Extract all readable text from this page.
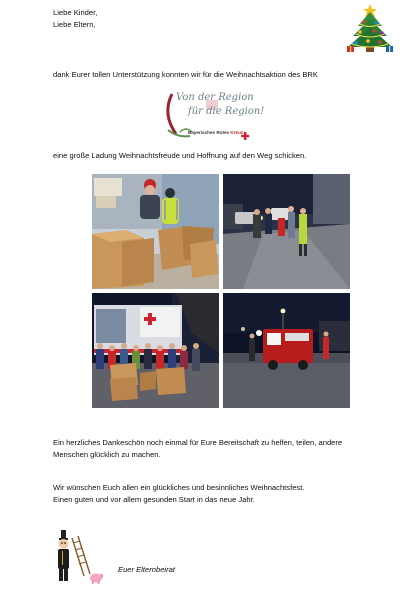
Liebe Kinder,
Liebe Eltern,
dank Eurer tollen Unterstützung konnten wir für die Weihnachtsaktion des BRK
eine große Ladung Weihnachtsfreude und Hoffnung auf den Weg schicken.
Ein herzliches Dankeschön noch einmal für Eure Bereitschaft zu helfen, teilen, andere
Menschen glücklich zu machen.
Wir wünschen Euch allen ein glückliches und besinnliches Weihnachtsfest.
Einen guten und vor allem gesunden Start in das neue Jahr.
Euer Elternbeirat
Von der Region
für die Region!
Bayerisches Rotes Kreuz
